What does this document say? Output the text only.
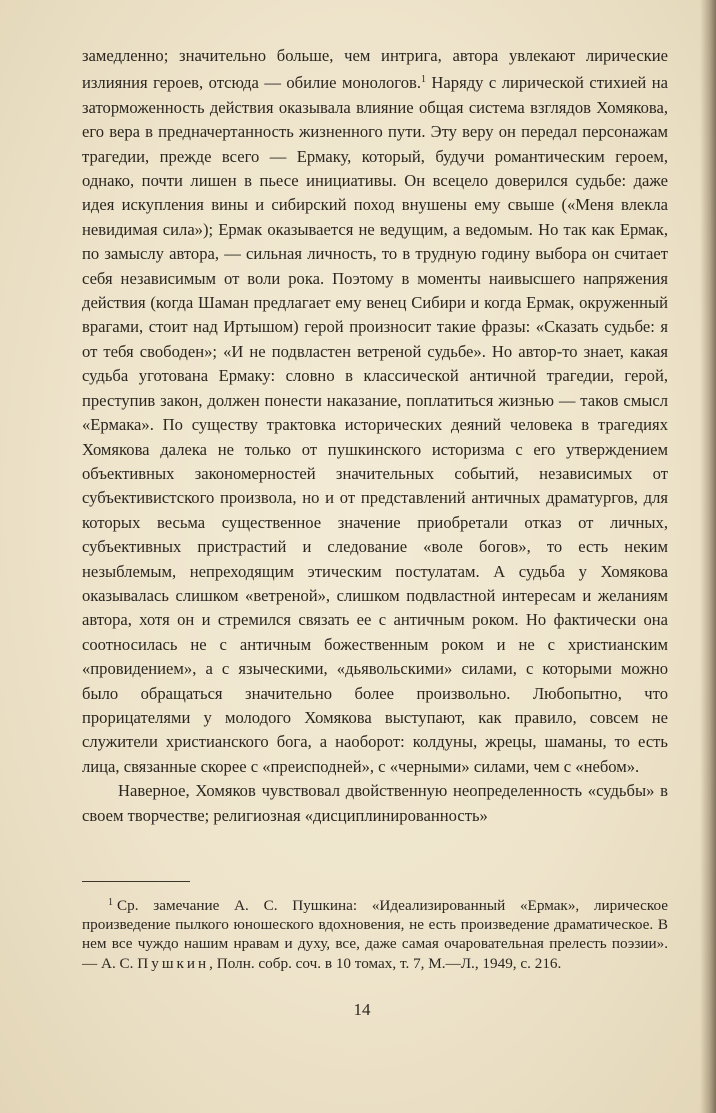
замедленно; значительно больше, чем интрига, автора увлекают лирические излияния героев, отсюда — обилие монологов.$^1$ Наряду с лирической стихией на заторможенность действия оказывала влияние общая система взглядов Хомякова, его вера в предначертанность жизненного пути. Эту веру он передал персонажам трагедии, прежде всего — Ермаку, который, будучи романтическим героем, однако, почти лишен в пьесе инициативы. Он всецело доверился судьбе: даже идея искупления вины и сибирский поход внушены ему свыше («Меня влекла невидимая сила»); Ермак оказывается не ведущим, а ведомым. Но так как Ермак, по замыслу автора, — сильная личность, то в трудную годину выбора он считает себя независимым от воли рока. Поэтому в моменты наивысшего напряжения действия (когда Шаман предлагает ему венец Сибири и когда Ермак, окруженный врагами, стоит над Иртышом) герой произносит такие фразы: «Сказать судьбе: я от тебя свободен»; «И не подвластен ветреной судьбе». Но автор-то знает, какая судьба уготована Ермаку: словно в классической античной трагедии, герой, преступив закон, должен понести наказание, поплатиться жизнью — таков смысл «Ермака». По существу трактовка исторических деяний человека в трагедиях Хомякова далека не только от пушкинского историзма с его утверждением объективных закономерностей значительных событий, независимых от субъективистского произвола, но и от представлений античных драматургов, для которых весьма существенное значение приобретали отказ от личных, субъективных пристрастий и следование «воле богов», то есть неким незыблемым, непреходящим этическим постулатам. А судьба у Хомякова оказывалась слишком «ветреной», слишком подвластной интересам и желаниям автора, хотя он и стремился связать ее с античным роком. Но фактически она соотносилась не с античным божественным роком и не с христианским «провидением», а с языческими, «дьявольскими» силами, с которыми можно было обращаться значительно более произвольно. Любопытно, что прорицателями у молодого Хомякова выступают, как правило, совсем не служители христианского бога, а наоборот: колдуны, жрецы, шаманы, то есть лица, связанные скорее с «преисподней», с «черными» силами, чем с «небом».

Наверное, Хомяков чувствовал двойственную неопределенность «судьбы» в своем творчестве; религиозная «дисциплинированность»

$^1$ Ср. замечание А. С. Пушкина: «Идеализированный «Ермак», лирическое произведение пылкого юношеского вдохновения, не есть произведение драматическое. В нем все чуждо нашим нравам и духу, все, даже самая очаровательная прелесть поэзии». — А. С. Пушкин, Полн. собр. соч. в 10 томах, т. 7, М.—Л., 1949, с. 216.
14
